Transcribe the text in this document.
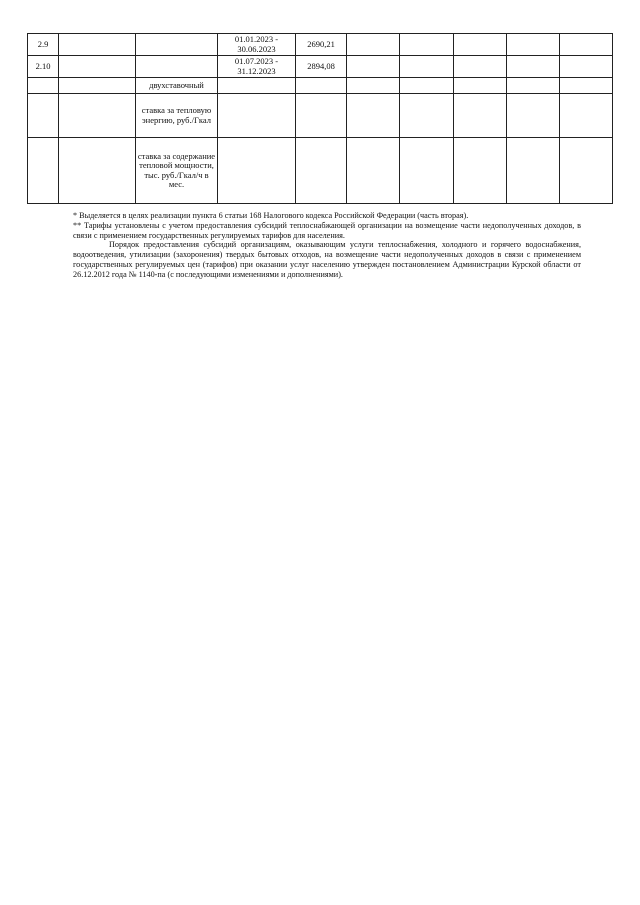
2.9			01.01.2023 - 30.06.2023	2690,21					
2.10			01.07.2023 - 31.12.2023	2894,08					
		двухставочный							
		ставка за тепловую энергию, руб./Гкал							
		ставка за содержание тепловой мощности, тыс. руб./Гкал/ч в мес.							

* Выделяется в целях реализации пункта 6 статьи 168 Налогового кодекса Российской Федерации (часть вторая).

** Тарифы установлены с учетом предоставления субсидий теплоснабжающей организации на возмещение части недополученных доходов, в связи с применением государственных регулируемых тарифов для населения.

Порядок предоставления субсидий организациям, оказывающим услуги теплоснабжения, холодного и горячего водоснабжения, водоотведения, утилизации (захоронения) твердых бытовых отходов, на возмещение части недополученных доходов в связи с применением государственных регулируемых цен (тарифов) при оказании услуг населению утвержден постановлением Администрации Курской области от 26.12.2012 года № 1140-па (с последующими изменениями и дополнениями).
